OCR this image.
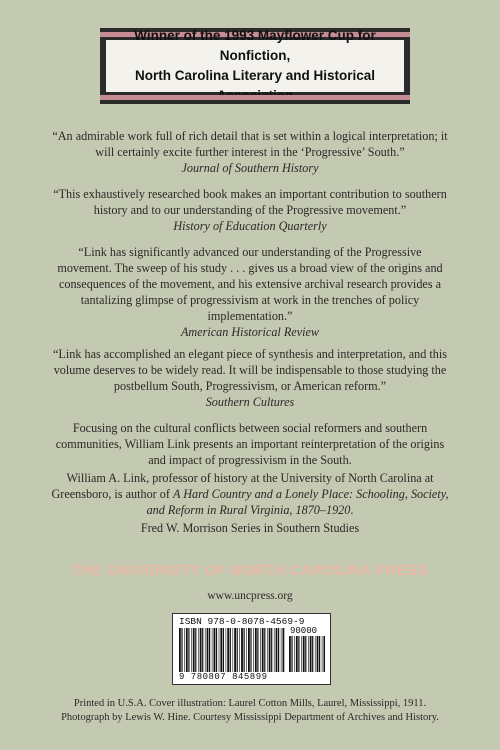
Winner of the 1993 Mayflower Cup for Nonfiction,
North Carolina Literary and Historical
“An admirable work full of rich detail that is set within a logical interpretation; it will certainly excite further interest in the ‘Progressive’ South.”
Journal of Southern History
“This exhaustively researched book makes an important contribution to southern history and to our understanding of the Progressive movement.”
History of Education Quarterly
“Link has significantly advanced our understanding of the Progressive movement. The sweep of his study . . . gives us a broad view of the origins and consequences of the movement, and his extensive archival research provides a tantalizing glimpse of progressivism at work in the trenches of policy implementation.”
American Historical Review
“Link has accomplished an elegant piece of synthesis and interpretation, and this volume deserves to be widely read. It will be indispensable to those studying the postbellum South, Progressivism, or American reform.”
Southern Cultures
Focusing on the cultural conflicts between social reformers and southern communities, William Link presents an important reinterpretation of the origins and impact of progressivism in the South.
William A. Link, professor of history at the University of North Carolina at Greensboro, is author of A Hard Country and a Lonely Place: Schooling, Society, and Reform in Rural Virginia, 1870–1920.
Fred W. Morrison Series in Southern Studies
THE UNIVERSITY OF NORTH CAROLINA PRESS
www.uncpress.org
ISBN 978-0-8078-4569-9
90000
9 780807 845899
Printed in U.S.A. Cover illustration: Laurel Cotton Mills, Laurel, Mississippi, 1911.
Photograph by Lewis W. Hine. Courtesy Mississippi Department of Archives and History.
